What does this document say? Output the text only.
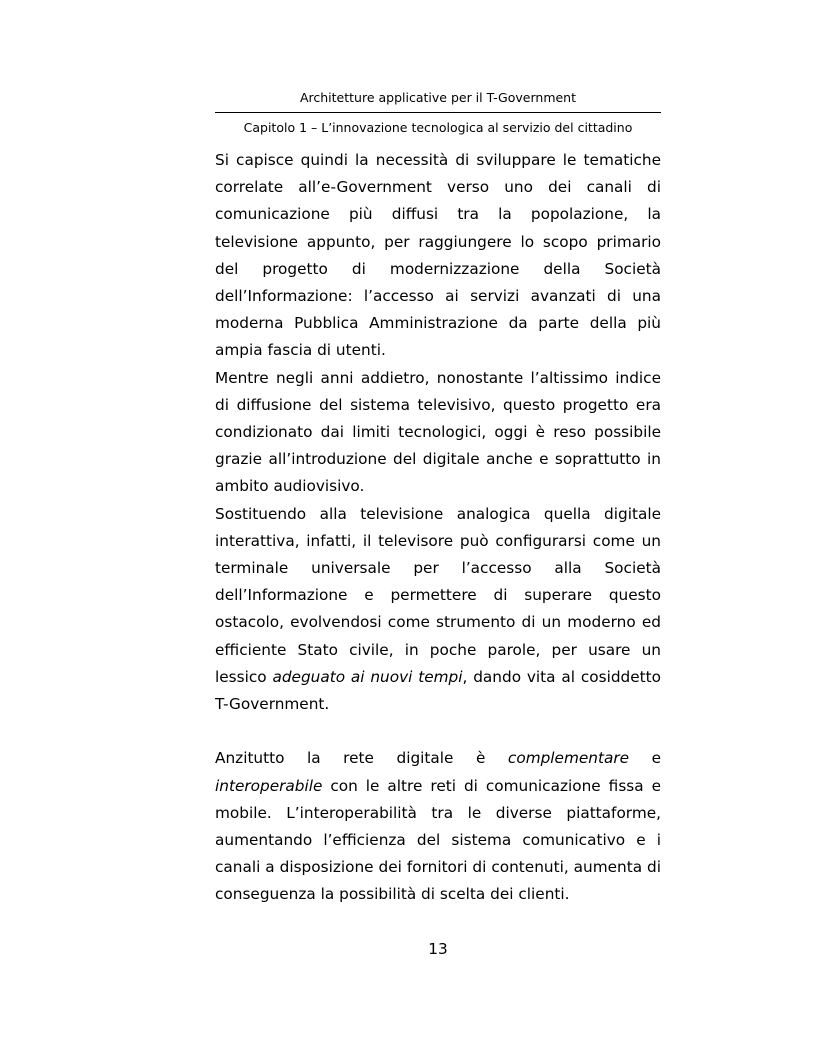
Architetture applicative per il T-Government
Capitolo 1 – L’innovazione tecnologica al servizio del cittadino

Si capisce quindi la necessità di sviluppare le tematiche correlate all’e-Government verso uno dei canali di comunicazione più diffusi tra la popolazione, la televisione appunto, per raggiungere lo scopo primario del progetto di modernizzazione della Società dell’Informazione: l’accesso ai servizi avanzati di una moderna Pubblica Amministrazione da parte della più ampia fascia di utenti.

Mentre negli anni addietro, nonostante l’altissimo indice di diffusione del sistema televisivo, questo progetto era condizionato dai limiti tecnologici, oggi è reso possibile grazie all’introduzione del digitale anche e soprattutto in ambito audiovisivo.

Sostituendo alla televisione analogica quella digitale interattiva, infatti, il televisore può configurarsi come un terminale universale per l’accesso alla Società dell’Informazione e permettere di superare questo ostacolo, evolvendosi come strumento di un moderno ed efficiente Stato civile, in poche parole, per usare un lessico adeguato ai nuovi tempi, dando vita al cosiddetto T-Government.

Anzitutto la rete digitale è complementare e interoperabile con le altre reti di comunicazione fissa e mobile. L’interoperabilità tra le diverse piattaforme, aumentando l’efficienza del sistema comunicativo e i canali a disposizione dei fornitori di contenuti, aumenta di conseguenza la possibilità di scelta dei clienti.

13
